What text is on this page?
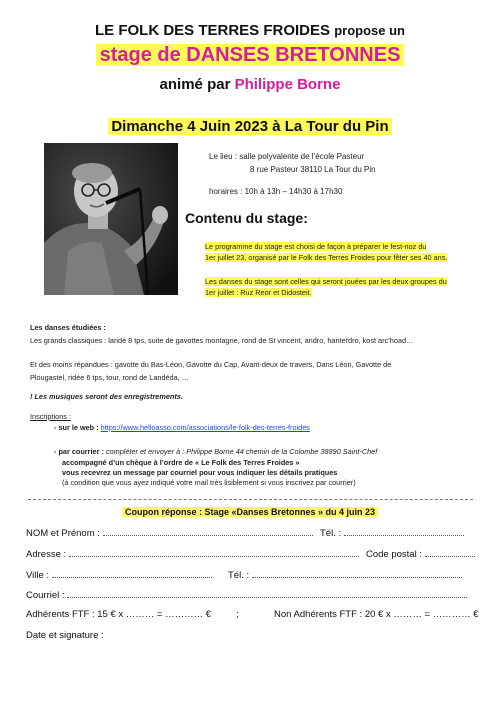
LE FOLK DES TERRES FROIDES propose un
stage de DANSES BRETONNES
animé par Philippe Borne
Dimanche 4 Juin 2023 à La Tour du Pin
Le lieu : salle polyvalente de l’école Pasteur
8 rue Pasteur 38110 La Tour du Pin
horaires : 10h à 13h – 14h30 à 17h30
Contenu du stage:
Le programme du stage est choisi de façon à préparer le fest-noz du
1er juillet 23, organisé par le Folk des Terres Froides pour fêter ses 40 ans.
Les danses du stage sont celles qui seront jouées par les deux groupes du
1er juillet : Ruz Reor et Didosteit.
Les danses étudiées :
Les grands classiques : laridé 8 tps, suite de gavottes montagne, rond de St vincent, andro, hanterdro, kost arc’hoad…
Et des moins répandues : gavotte du Bas-Léon, Gavotte du Cap, Avant-deux de travers, Dans Léon, Gavotte de
Plougastel, ridée 6 tps, tour, rond de Landéda, …
! Les musiques seront des enregistrements.
Inscriptions :
- sur le web : https://www.helloasso.com/associations/le-folk-des-terres-froides
- par courrier : compléter et envoyer à : Philippe Borne 44 chemin de la Colombe 38890 Saint-Chef
accompagné d’un chèque à l’ordre de « Le Folk des Terres Froides »
vous recevrez un message par courriel pour vous indiquer les détails pratiques
(à condition que vous ayez indiqué votre mail très lisiblement si vous inscrivez par courrier)
Coupon réponse : Stage «Danses Bretonnes » du 4 juin 23
NOM et Prénom :	Tél. :
Adresse :	Code postal :
Ville :	Tél. :
Courriel :
Adhérents FTF : 15 € x ……… = ………… €	;	Non Adhérents FTF : 20 € x ……… = ………… €
Date et signature :
